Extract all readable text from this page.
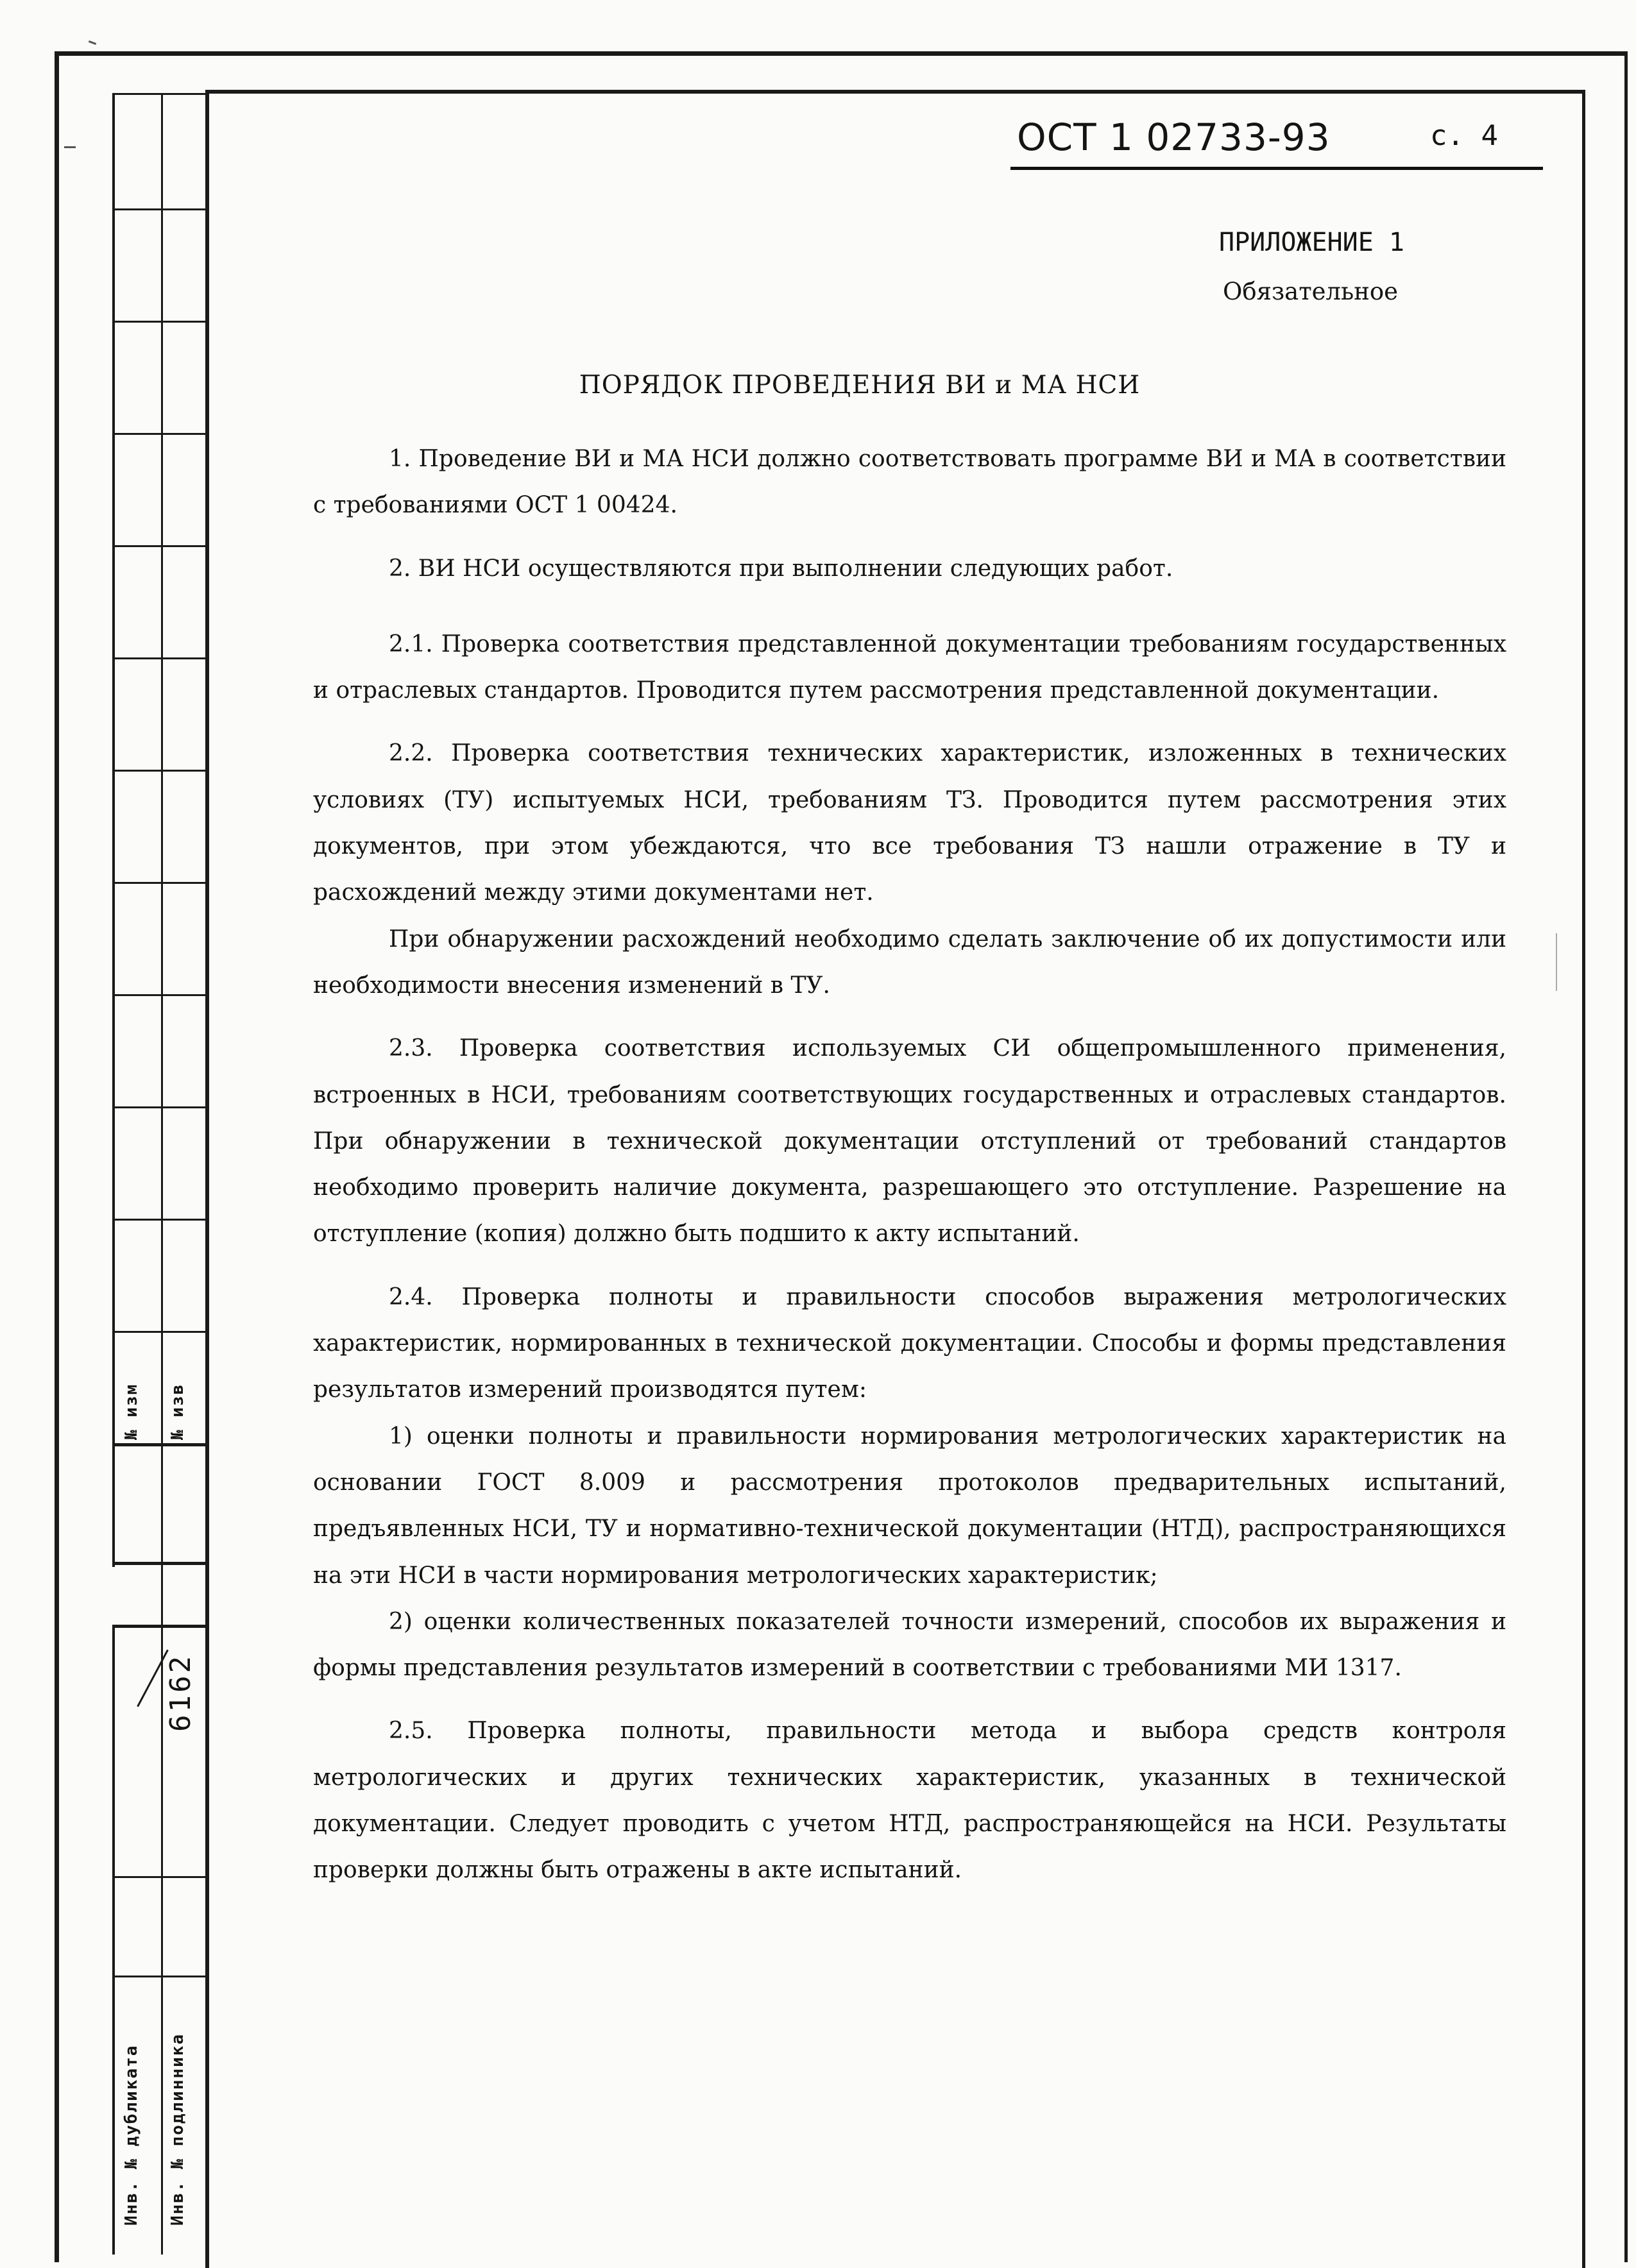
№ изм № изв
Инв. № дубликата Инв. № подлинника
6162
ОСТ 1 02733-93	с. 4
ПРИЛОЖЕНИЕ 1
Обязательное
ПОРЯДОК ПРОВЕДЕНИЯ ВИ и МА НСИ

1. Проведение ВИ и МА НСИ должно соответствовать программе ВИ и МА в соответствии с требованиями ОСТ 1 00424.

2. ВИ НСИ осуществляются при выполнении следующих работ.

2.1. Проверка соответствия представленной документации требованиям государственных и отраслевых стандартов. Проводится путем рассмотрения представленной документации.

2.2. Проверка соответствия технических характеристик, изложенных в технических условиях (ТУ) испытуемых НСИ, требованиям ТЗ. Проводится путем рассмотрения этих документов, при этом убеждаются, что все требования ТЗ нашли отражение в ТУ и расхождений между этими документами нет.

При обнаружении расхождений необходимо сделать заключение об их допустимости или необходимости внесения изменений в ТУ.

2.3. Проверка соответствия используемых СИ общепромышленного применения, встроенных в НСИ, требованиям соответствующих государственных и отраслевых стандартов. При обнаружении в технической документации отступлений от требований стандартов необходимо проверить наличие документа, разрешающего это отступление. Разрешение на отступление (копия) должно быть подшито к акту испытаний.

2.4. Проверка полноты и правильности способов выражения метрологических характеристик, нормированных в технической документации. Способы и формы представления результатов измерений производятся путем:

1) оценки полноты и правильности нормирования метрологических характеристик на основании ГОСТ 8.009 и рассмотрения протоколов предварительных испытаний, предъявленных НСИ, ТУ и нормативно-технической документации (НТД), распространяющихся на эти НСИ в части нормирования метрологических характеристик;

2) оценки количественных показателей точности измерений, способов их выражения и формы представления результатов измерений в соответствии с требованиями МИ 1317.

2.5. Проверка полноты, правильности метода и выбора средств контроля метрологических и других технических характеристик, указанных в технической документации. Следует проводить с учетом НТД, распространяющейся на НСИ. Результаты проверки должны быть отражены в акте испытаний.
